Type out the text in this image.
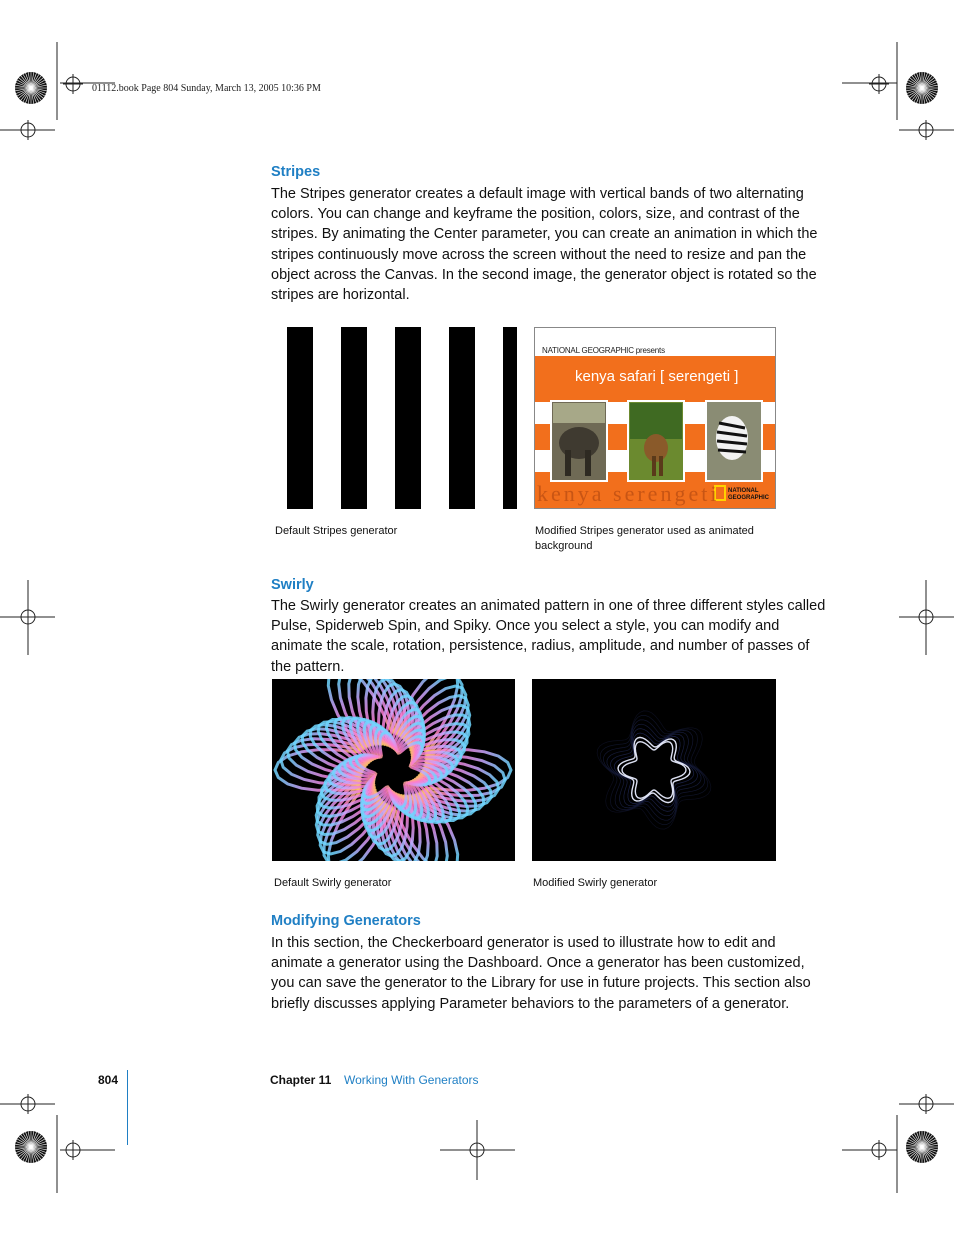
01112.book Page 804 Sunday, March 13, 2005 10:36 PM
Stripes
The Stripes generator creates a default image with vertical bands of two alternating colors. You can change and keyframe the position, colors, size, and contrast of the stripes. By animating the Center parameter, you can create an animation in which the stripes continuously move across the screen without the need to resize and pan the object across the Canvas. In the second image, the generator object is rotated so the stripes are horizontal.
NATIONAL GEOGRAPHIC presents
kenya safari [ serengeti ]
kenya serengeti NATIONAL
GEOGRAPHIC
Default Stripes generator	Modified Stripes generator used as animated background
Swirly
The Swirly generator creates an animated pattern in one of three different styles called Pulse, Spiderweb Spin, and Spiky. Once you select a style, you can modify and animate the scale, rotation, persistence, radius, amplitude, and number of passes of the pattern.
Default Swirly generator	Modified Swirly generator
Modifying Generators
In this section, the Checkerboard generator is used to illustrate how to edit and animate a generator using the Dashboard. Once a generator has been customized, you can save the generator to the Library for use in future projects. This section also briefly discusses applying Parameter behaviors to the parameters of a generator.
804	Chapter 11 Working With Generators
